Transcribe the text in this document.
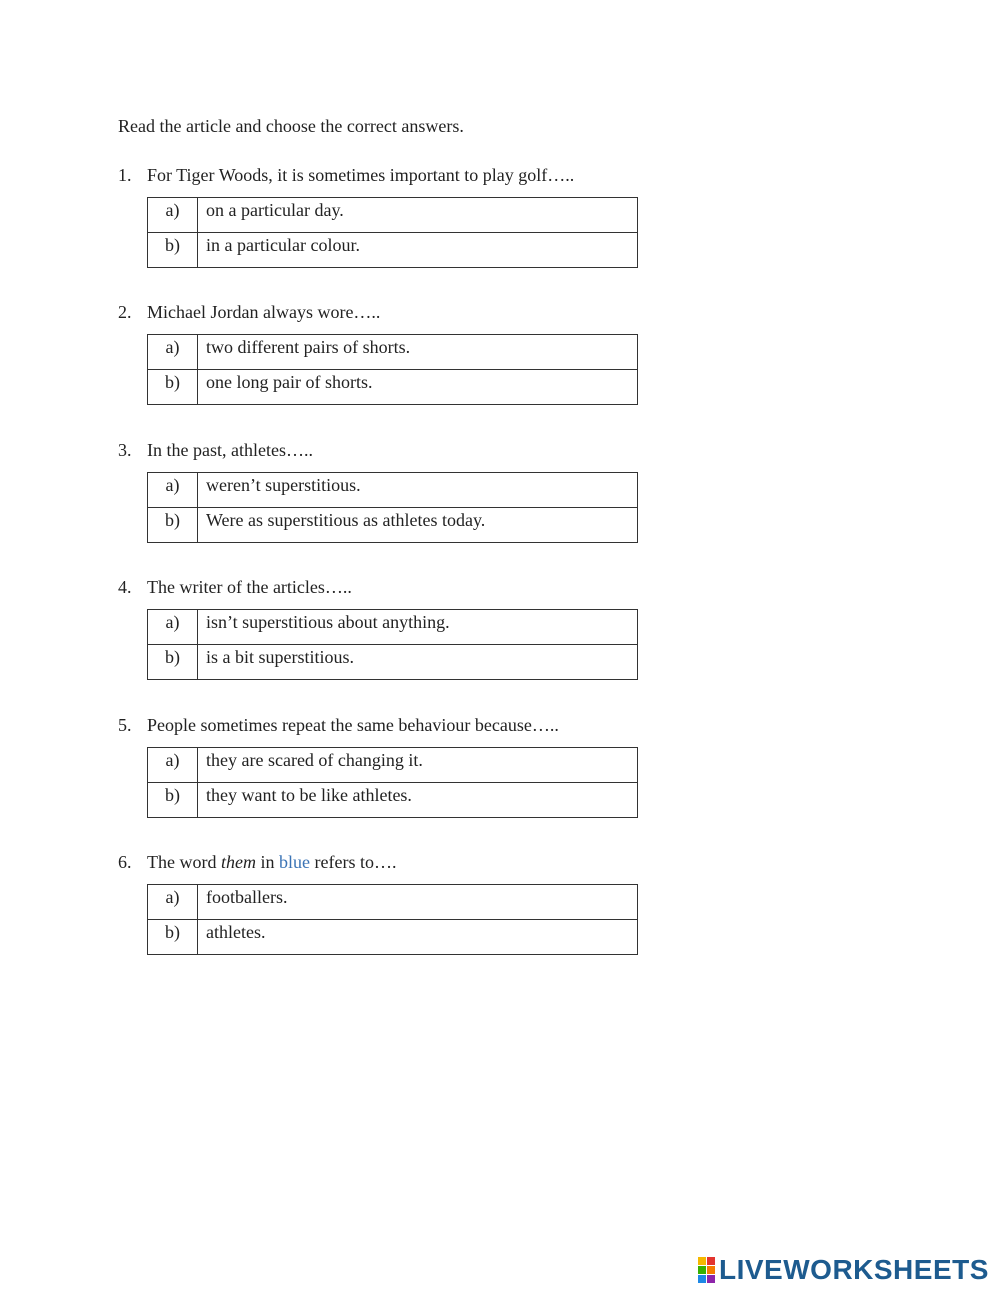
Read the article and choose the correct answers.
1. For Tiger Woods, it is sometimes important to play golf…..
a)	on a particular day.
b)	in a particular colour.
2. Michael Jordan always wore…..
a)	two different pairs of shorts.
b)	one long pair of shorts.
3. In the past, athletes…..
a)	weren’t superstitious.
b)	Were as superstitious as athletes today.
4. The writer of the articles…..
a)	isn’t superstitious about anything.
b)	is a bit superstitious.
5. People sometimes repeat the same behaviour because…..
a)	they are scared of changing it.
b)	they want to be like athletes.
6. The word them in blue refers to….
a)	footballers.
b)	athletes.
LIVEWORKSHEETS
